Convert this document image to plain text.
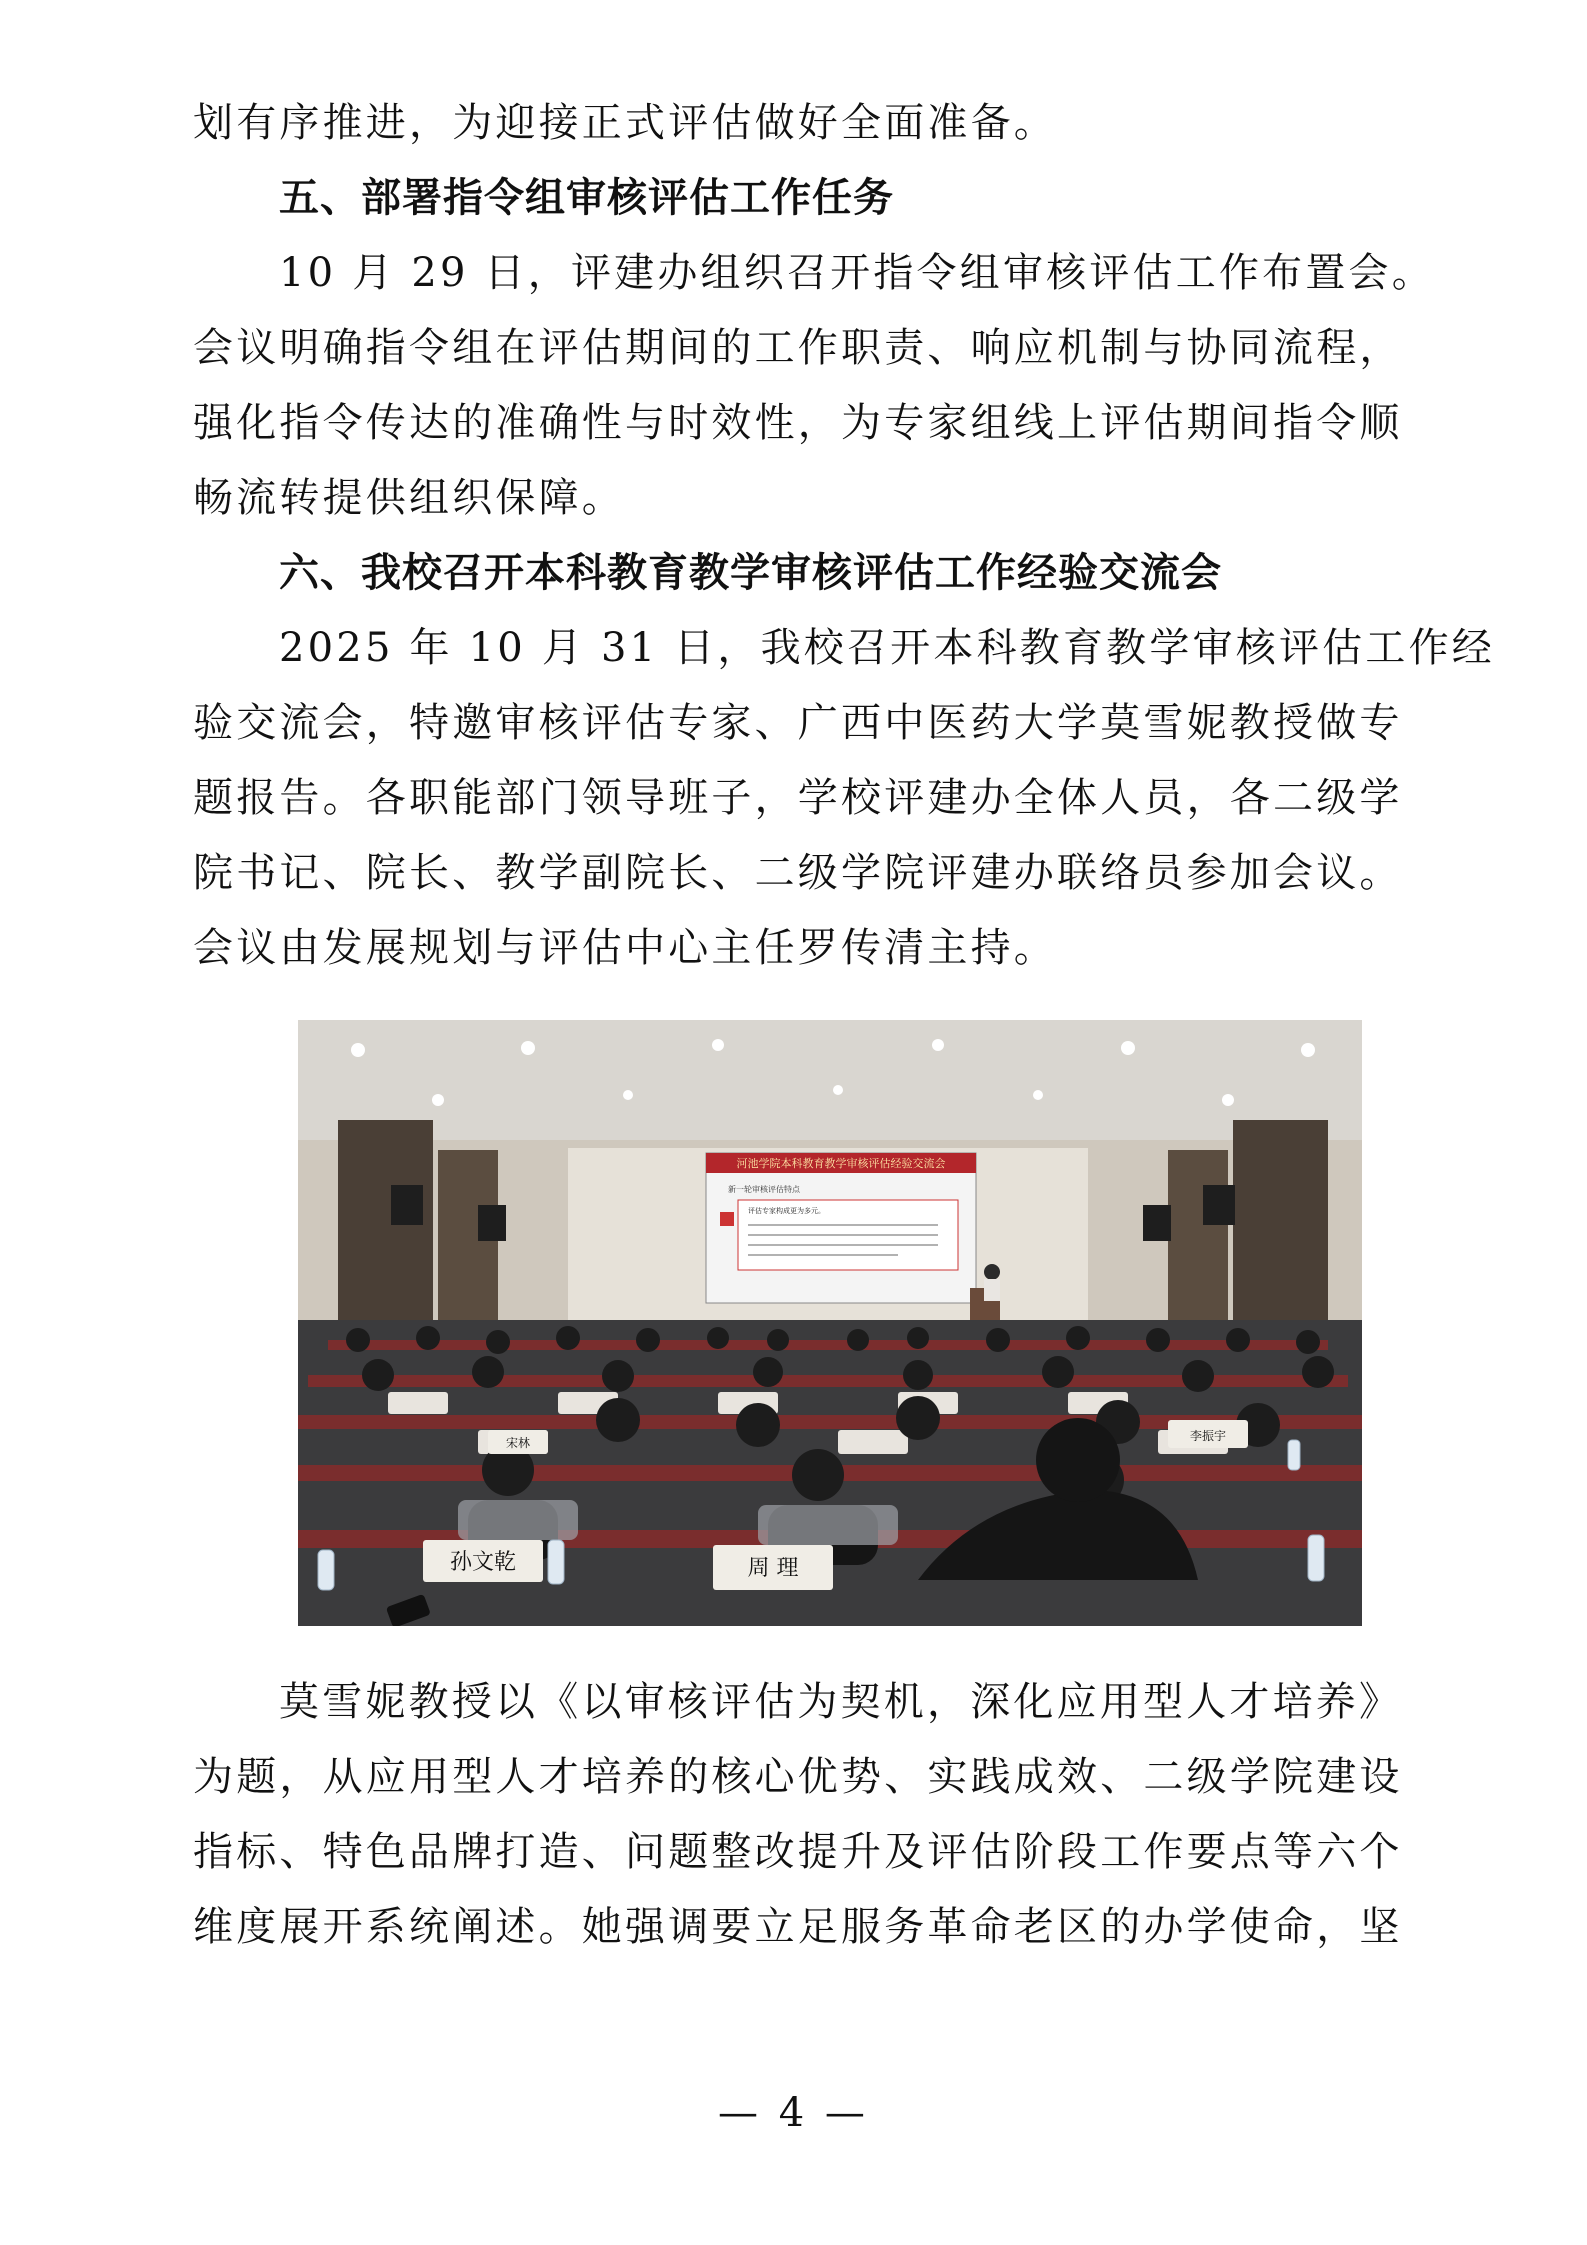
划有序推进，为迎接正式评估做好全面准备。
五、部署指令组审核评估工作任务
10 月 29 日，评建办组织召开指令组审核评估工作布置会。
会议明确指令组在评估期间的工作职责、响应机制与协同流程，
强化指令传达的准确性与时效性，为专家组线上评估期间指令顺
畅流转提供组织保障。
六、我校召开本科教育教学审核评估工作经验交流会
2025 年 10 月 31 日，我校召开本科教育教学审核评估工作经
验交流会，特邀审核评估专家、广西中医药大学莫雪妮教授做专
题报告。各职能部门领导班子，学校评建办全体人员，各二级学
院书记、院长、教学副院长、二级学院评建办联络员参加会议。
会议由发展规划与评估中心主任罗传清主持。
河池学院本科教育教学审核评估经验交流会
新一轮审核评估特点
评估专家构成更为多元。
孙文乾	周 理
李振宇
宋林
莫雪妮教授以《以审核评估为契机，深化应用型人才培养》
为题，从应用型人才培养的核心优势、实践成效、二级学院建设
指标、特色品牌打造、问题整改提升及评估阶段工作要点等六个
维度展开系统阐述。她强调要立足服务革命老区的办学使命，坚
— 4 —
